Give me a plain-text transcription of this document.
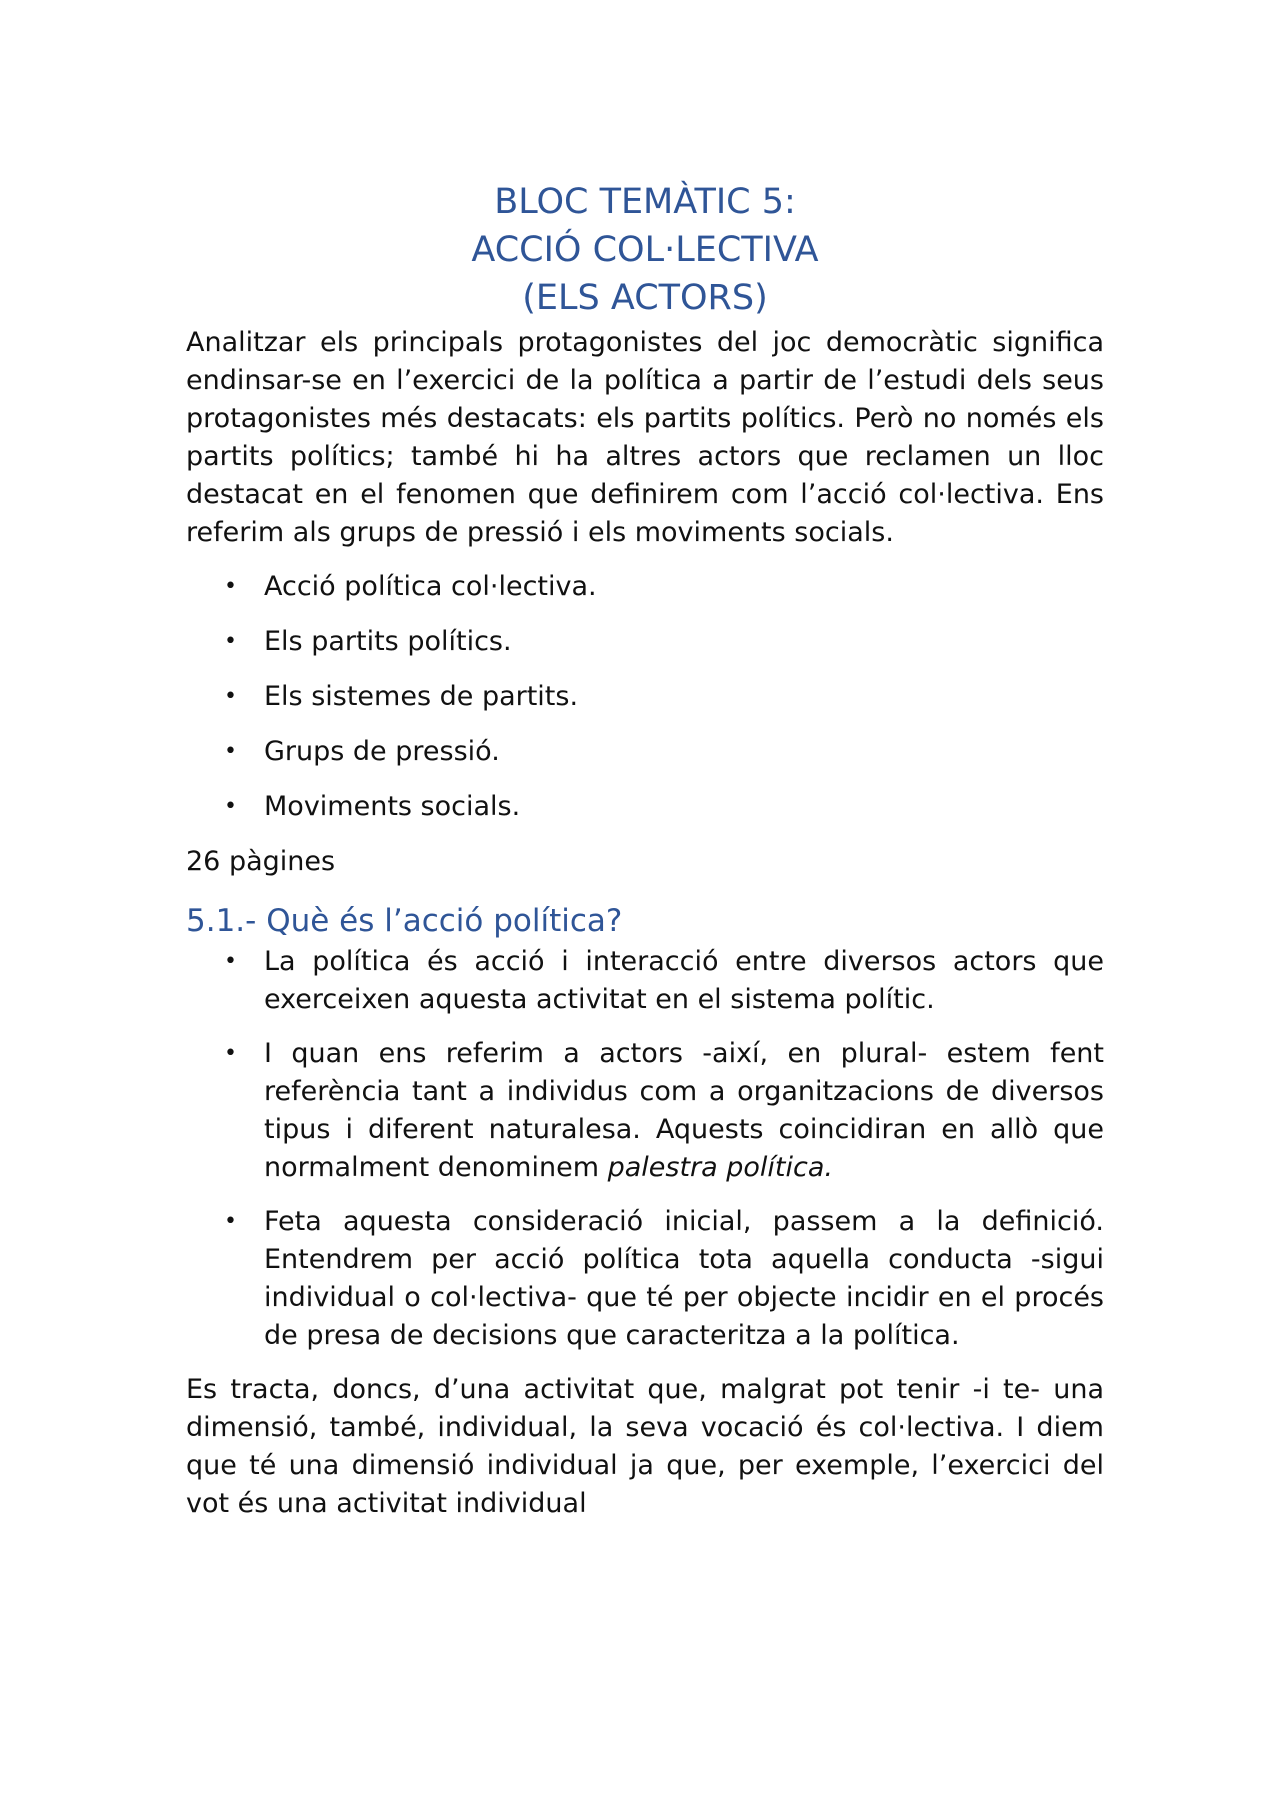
BLOC TEMÀTIC 5:
ACCIÓ COL·LECTIVA
(ELS ACTORS)

Analitzar els principals protagonistes del joc democràtic significa endinsar-se en l’exercici de la política a partir de l’estudi dels seus protagonistes més destacats: els partits polítics. Però no només els partits polítics; també hi ha altres actors que reclamen un lloc destacat en el fenomen que definirem com l’acció col·lectiva. Ens referim als grups de pressió i els moviments socials.

• Acció política col·lectiva.
• Els partits polítics.
• Els sistemes de partits.
• Grups de pressió.
• Moviments socials.

26 pàgines

5.1.- Què és l’acció política?
• La política és acció i interacció entre diversos actors que exerceixen aquesta activitat en el sistema polític.
• I quan ens referim a actors -així, en plural- estem fent referència tant a individus com a organitzacions de diversos tipus i diferent naturalesa. Aquests coincidiran en allò que normalment denominem palestra política.
• Feta aquesta consideració inicial, passem a la definició. Entendrem per acció política tota aquella conducta -sigui individual o col·lectiva- que té per objecte incidir en el procés de presa de decisions que caracteritza a la política.

Es tracta, doncs, d’una activitat que, malgrat pot tenir -i te- una dimensió, també, individual, la seva vocació és col·lectiva. I diem que té una dimensió individual ja que, per exemple, l’exercici del vot és una activitat individual
